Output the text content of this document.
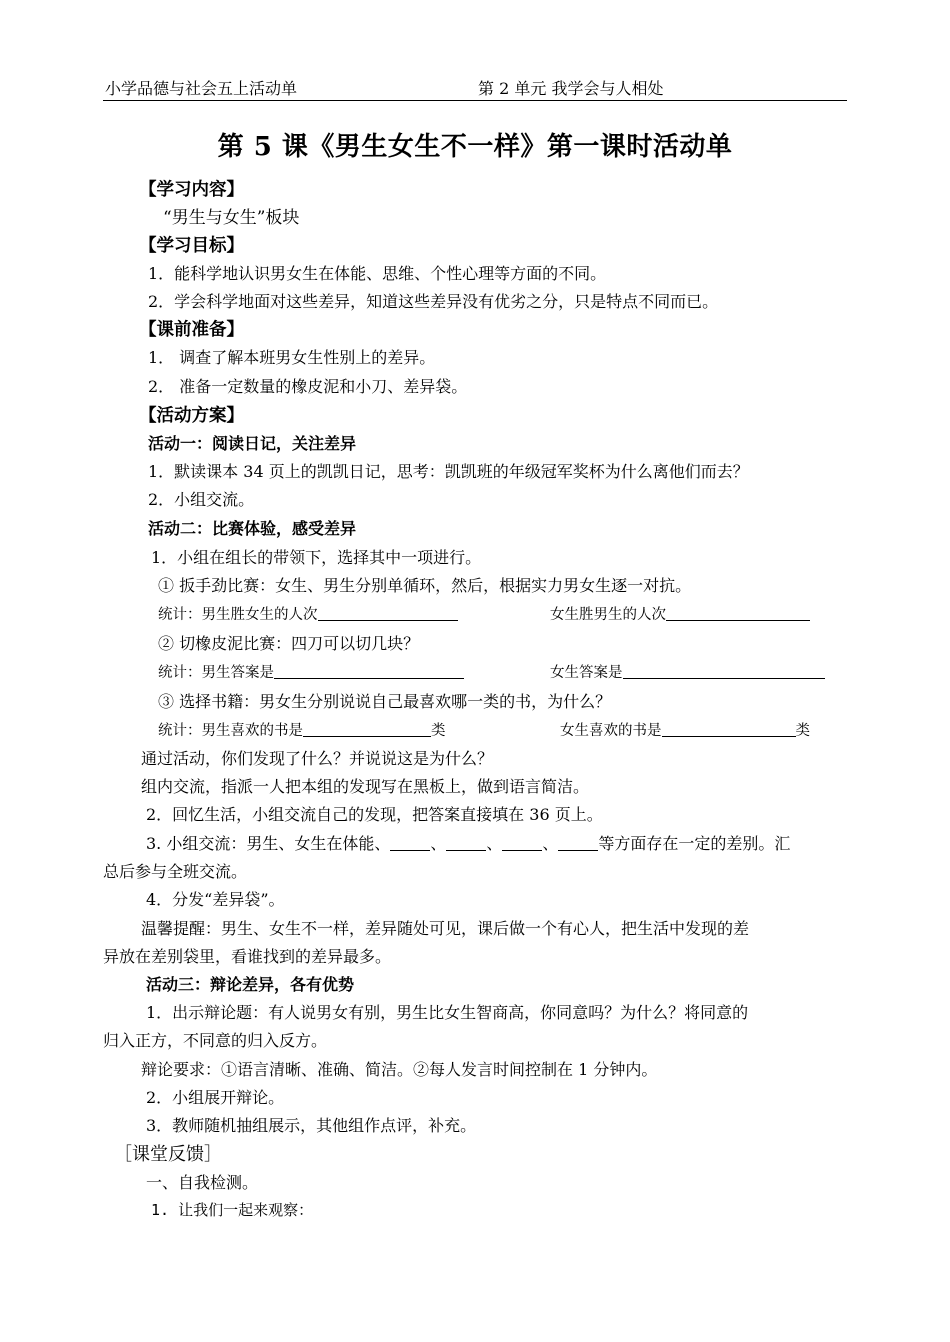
小学品德与社会五上活动单	第 2 单元 我学会与人相处
第 5 课《男生女生不一样》第一课时活动单
【学习内容】
“男生与女生”板块
【学习目标】
1．能科学地认识男女生在体能、思维、个性心理等方面的不同。
2．学会科学地面对这些差异，知道这些差异没有优劣之分，只是特点不同而已。
【课前准备】
1． 调查了解本班男女生性别上的差异。
2． 准备一定数量的橡皮泥和小刀、差异袋。
【活动方案】
活动一：阅读日记，关注差异
1．默读课本 34 页上的凯凯日记，思考：凯凯班的年级冠军奖杯为什么离他们而去？
2．小组交流。
活动二：比赛体验，感受差异
1．小组在组长的带领下，选择其中一项进行。
① 扳手劲比赛：女生、男生分别单循环，然后，根据实力男女生逐一对抗。
统计：男生胜女生的人次	女生胜男生的人次
② 切橡皮泥比赛：四刀可以切几块？
统计：男生答案是	女生答案是
③ 选择书籍：男女生分别说说自己最喜欢哪一类的书，为什么？
统计：男生喜欢的书是	类	女生喜欢的书是	类
通过活动，你们发现了什么？并说说这是为什么？
组内交流，指派一人把本组的发现写在黑板上，做到语言简洁。
2．回忆生活，小组交流自己的发现，把答案直接填在 36 页上。
3. 小组交流：男生、女生在体能、	、	、	、	等方面存在一定的差别。汇
总后参与全班交流。
4．分发“差异袋”。
温馨提醒：男生、女生不一样，差异随处可见，课后做一个有心人，把生活中发现的差
异放在差别袋里，看谁找到的差异最多。
活动三：辩论差异，各有优势
1．出示辩论题：有人说男女有别，男生比女生智商高，你同意吗？为什么？将同意的
归入正方，不同意的归入反方。
辩论要求：①语言清晰、准确、简洁。②每人发言时间控制在 1 分钟内。
2．小组展开辩论。
3．教师随机抽组展示，其他组作点评，补充。
［课堂反馈］
一、自我检测。
1. 让我们一起来观察：
